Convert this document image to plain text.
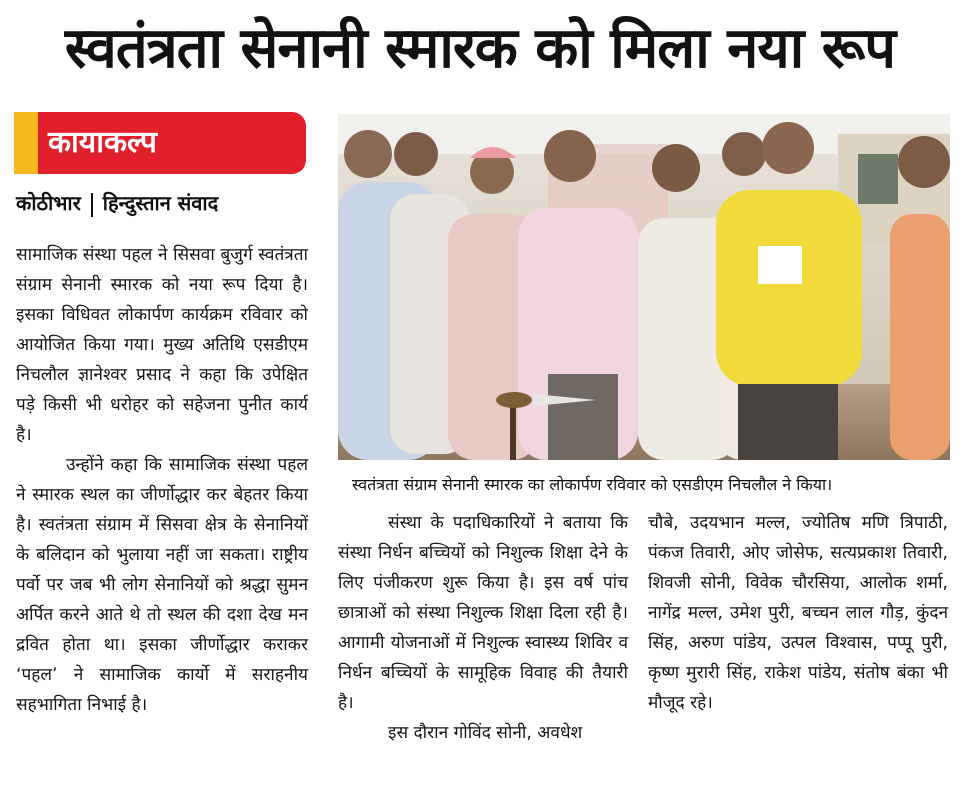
स्वतंत्रता सेनानी स्मारक को मिला नया रूप
कायाकल्प
कोठीभार हिन्दुस्तान संवाद

सामाजिक संस्था पहल ने सिसवा बुजुर्ग स्वतंत्रता संग्राम सेनानी स्मारक को नया रूप दिया है। इसका विधिवत लोकार्पण कार्यक्रम रविवार को आयोजित किया गया। मुख्य अतिथि एसडीएम निचलौल ज्ञानेश्वर प्रसाद ने कहा कि उपेक्षित पड़े किसी भी धरोहर को सहेजना पुनीत कार्य है।

उन्होंने कहा कि सामाजिक संस्था पहल ने स्मारक स्थल का जीर्णोद्धार कर बेहतर किया है। स्वतंत्रता संग्राम में सिसवा क्षेत्र के सेनानियों के बलिदान को भुलाया नहीं जा सकता। राष्ट्रीय पर्वो पर जब भी लोग सेनानियों को श्रद्धा सुमन अर्पित करने आते थे तो स्थल की दशा देख मन द्रवित होता था। इसका जीर्णोद्धार कराकर ‘पहल’ ने सामाजिक कार्यो में सराहनीय सहभागिता निभाई है।

स्वतंत्रता संग्राम सेनानी स्मारक का लोकार्पण रविवार को एसडीएम निचलौल ने किया।

संस्था के पदाधिकारियों ने बताया कि संस्था निर्धन बच्चियों को निशुल्क शिक्षा देने के लिए पंजीकरण शुरू किया है। इस वर्ष पांच छात्राओं को संस्था निशुल्क शिक्षा दिला रही है। आगामी योजनाओं में निशुल्क स्वास्थ्य शिविर व निर्धन बच्चियों के सामूहिक विवाह की तैयारी है।

इस दौरान गोविंद सोनी, अवधेश

चौबे, उदयभान मल्ल, ज्योतिष मणि त्रिपाठी, पंकज तिवारी, ओए जोसेफ, सत्यप्रकाश तिवारी, शिवजी सोनी, विवेक चौरसिया, आलोक शर्मा, नागेंद्र मल्ल, उमेश पुरी, बच्चन लाल गौड़, कुंदन सिंह, अरुण पांडेय, उत्पल विश्वास, पप्पू पुरी, कृष्ण मुरारी सिंह, राकेश पांडेय, संतोष बंका भी मौजूद रहे।
